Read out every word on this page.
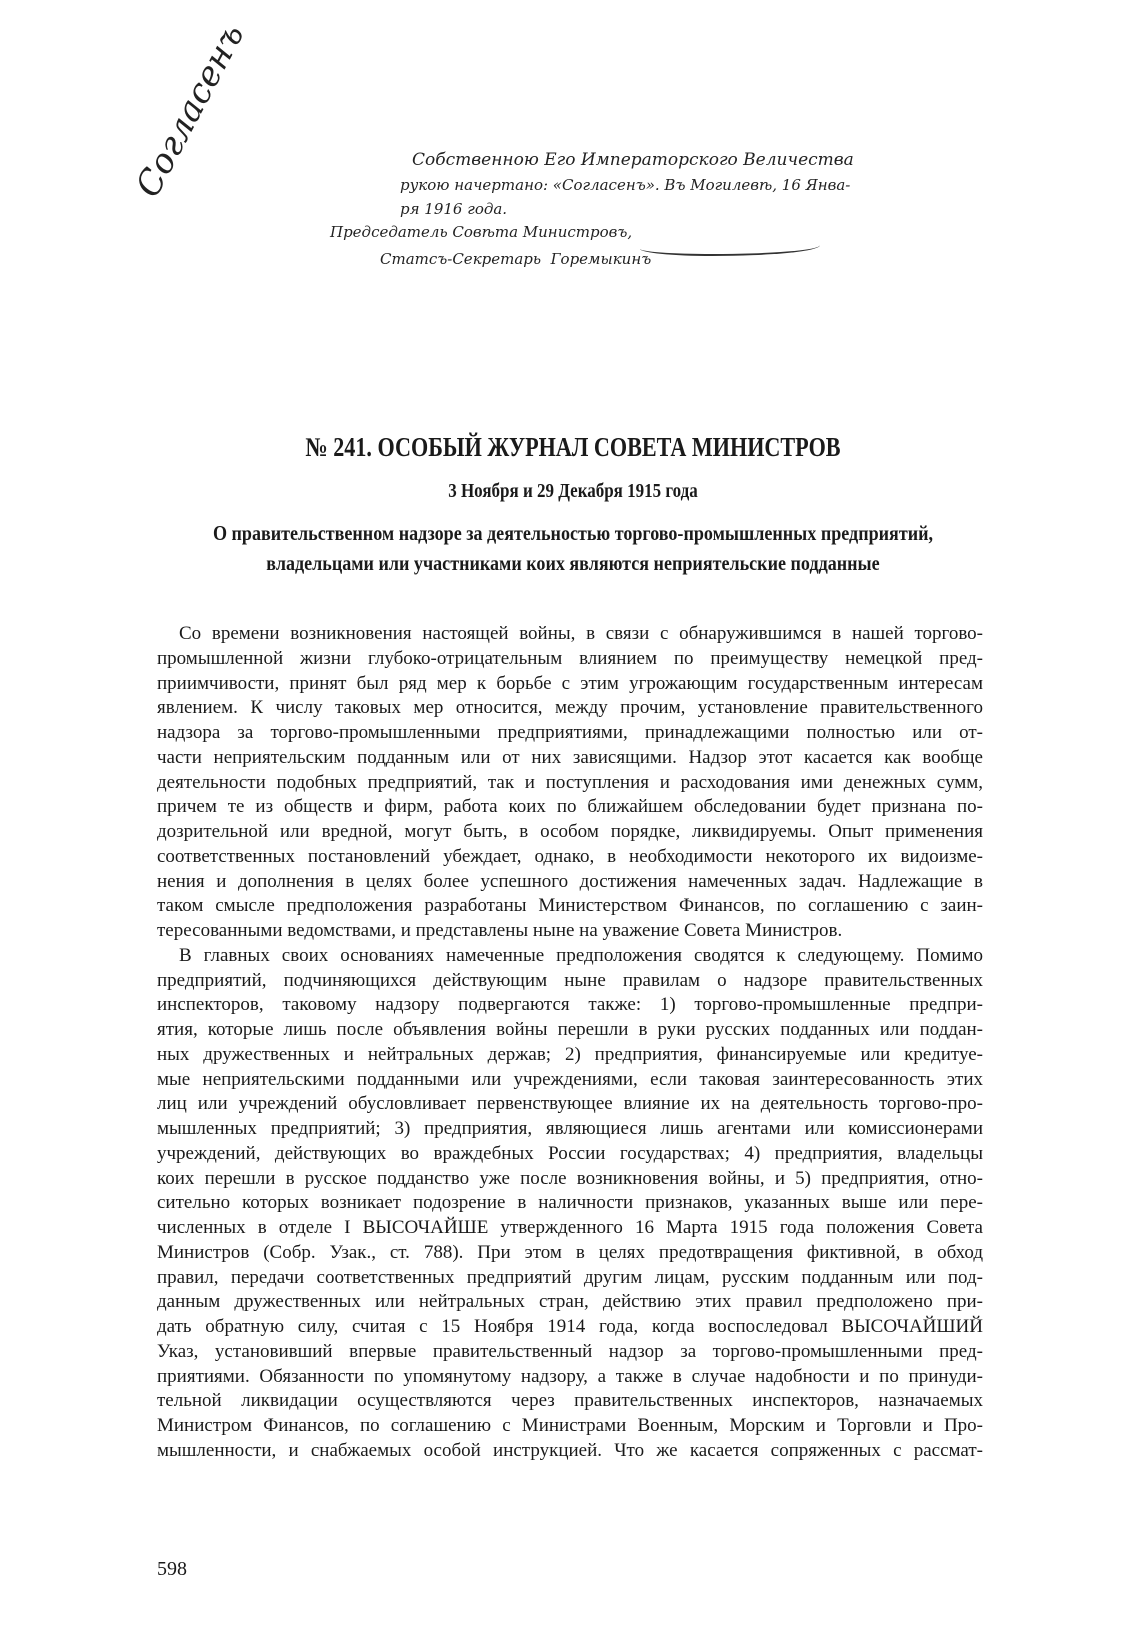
Согласенъ	Собственною Его Императорского Величества
рукою начертано: «Согласенъ». Въ Могилевѣ, 16 Янва-
ря 1916 года.
Председатель Совѣта Министровъ,
Статсъ-Секретарь Горемыкинъ
№ 241. ОСОБЫЙ ЖУРНАЛ СОВЕТА МИНИСТРОВ
3 Ноября и 29 Декабря 1915 года
О правительственном надзоре за деятельностью торгово-промышленных предприятий,
владельцами или участниками коих являются неприятельские подданные
Со времени возникновения настоящей войны, в связи с обнаружившимся в нашей торгово-
промышленной жизни глубоко-отрицательным влиянием по преимуществу немецкой пред-
приимчивости, принят был ряд мер к борьбе с этим угрожающим государственным интересам
явлением. К числу таковых мер относится, между прочим, установление правительственного
надзора за торгово-промышленными предприятиями, принадлежащими полностью или от-
части неприятельским подданным или от них зависящими. Надзор этот касается как вообще
деятельности подобных предприятий, так и поступления и расходования ими денежных сумм,
причем те из обществ и фирм, работа коих по ближайшем обследовании будет признана по-
дозрительной или вредной, могут быть, в особом порядке, ликвидируемы. Опыт применения
соответственных постановлений убеждает, однако, в необходимости некоторого их видоизме-
нения и дополнения в целях более успешного достижения намеченных задач. Надлежащие в
таком смысле предположения разработаны Министерством Финансов, по соглашению с заин-
тересованными ведомствами, и представлены ныне на уважение Совета Министров.
В главных своих основаниях намеченные предположения сводятся к следующему. Помимо
предприятий, подчиняющихся действующим ныне правилам о надзоре правительственных
инспекторов, таковому надзору подвергаются также: 1) торгово-промышленные предпри-
ятия, которые лишь после объявления войны перешли в руки русских подданных или поддан-
ных дружественных и нейтральных держав; 2) предприятия, финансируемые или кредитуе-
мые неприятельскими подданными или учреждениями, если таковая заинтересованность этих
лиц или учреждений обусловливает первенствующее влияние их на деятельность торгово-про-
мышленных предприятий; 3) предприятия, являющиеся лишь агентами или комиссионерами
учреждений, действующих во враждебных России государствах; 4) предприятия, владельцы
коих перешли в русское подданство уже после возникновения войны, и 5) предприятия, отно-
сительно которых возникает подозрение в наличности признаков, указанных выше или пере-
численных в отделе I ВЫСОЧАЙШЕ утвержденного 16 Марта 1915 года положения Совета
Министров (Собр. Узак., ст. 788). При этом в целях предотвращения фиктивной, в обход
правил, передачи соответственных предприятий другим лицам, русским подданным или под-
данным дружественных или нейтральных стран, действию этих правил предположено при-
дать обратную силу, считая с 15 Ноября 1914 года, когда воспоследовал ВЫСОЧАЙШИЙ
Указ, установивший впервые правительственный надзор за торгово-промышленными пред-
приятиями. Обязанности по упомянутому надзору, а также в случае надобности и по принуди-
тельной ликвидации осуществляются через правительственных инспекторов, назначаемых
Министром Финансов, по соглашению с Министрами Военным, Морским и Торговли и Про-
мышленности, и снабжаемых особой инструкцией. Что же касается сопряженных с рассмат-
598
